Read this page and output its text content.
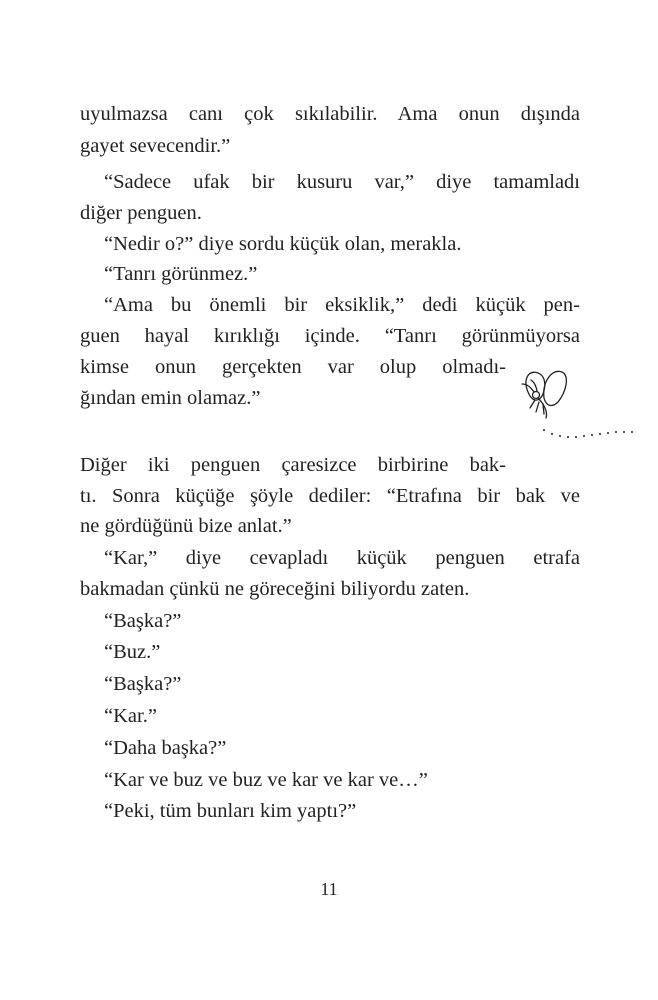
uyulmazsa canı çok sıkılabilir. Ama onun dışında
gayet sevecendir.”
“Sadece ufak bir kusuru var,” diye tamamladı
diğer penguen.
“Nedir o?” diye sordu küçük olan, merakla.
“Tanrı görünmez.”
“Ama bu önemli bir eksiklik,” dedi küçük pen-
guen hayal kırıklığı içinde. “Tanrı görünmüyorsa
kimse onun gerçekten var olup olmadı-
ğından emin olamaz.”
Diğer iki penguen çaresizce birbirine bak-
tı. Sonra küçüğe şöyle dediler: “Etrafına bir bak ve
ne gördüğünü bize anlat.”
“Kar,” diye cevapladı küçük penguen etrafa
bakmadan çünkü ne göreceğini biliyordu zaten.
“Başka?”
“Buz.”
“Başka?”
“Kar.”
“Daha başka?”
“Kar ve buz ve buz ve kar ve kar ve…”
“Peki, tüm bunları kim yaptı?”
11
